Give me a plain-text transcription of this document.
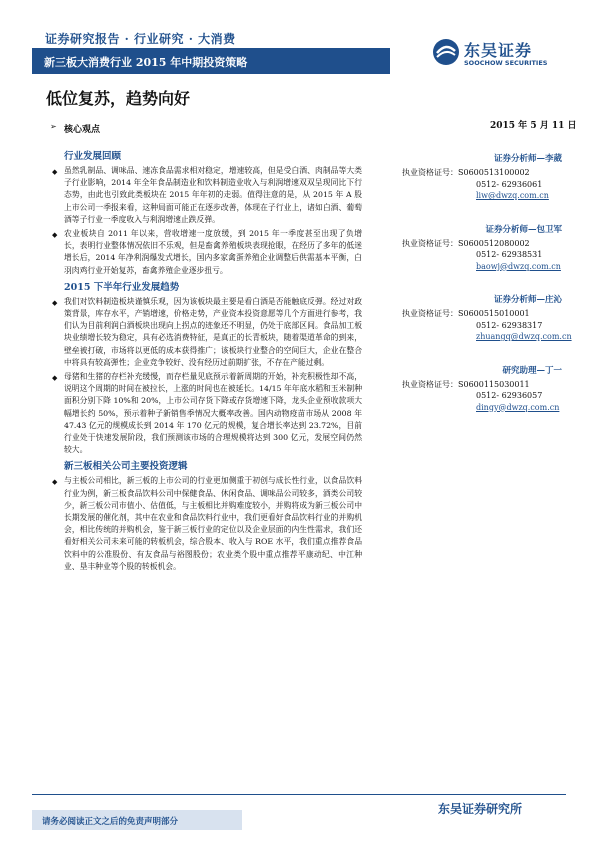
证券研究报告 · 行业研究 · 大消费
新三板大消费行业 2015 年中期投资策略
东吴证券
SOOCHOW SECURITIES
低位复苏，趋势向好
➢ 核心观点	2015 年 5 月 11 日
行业发展回顾
◆ 虽然乳制品、调味品、速冻食品需求相对稳定，增速较高，但是受白酒、肉制品等大类子行业影响，2014 年全年食品制造业和饮料制造业收入与利润增速双双呈现同比下行态势，由此也引致此类板块在 2015 年年初的走弱。值得注意的是，从 2015 年 A 股上市公司一季报来看，这种局面可能正在逐步改善，体现在子行业上，诸如白酒、葡萄酒等子行业一季度收入与利润增速止跌反弹。
◆ 农业板块自 2011 年以来，营收增速一度放缓，到 2015 年一季度甚至出现了负增长，表明行业整体情况依旧不乐观，但是畜禽养殖板块表现抢眼，在经历了多年的低迷增长后，2014 年净利润爆发式增长，国内多家禽蛋养殖企业调整后供需基本平衡，白羽肉鸡行业开始复苏，畜禽养殖企业逐步扭亏。
2015 下半年行业发展趋势
◆ 我们对饮料制造板块谨慎乐观，因为该板块最主要是看白酒是否能触底反弹。经过对政策背景，库存水平，产销增速，价格走势，产业资本投资意愿等几个方面进行参考，我们认为目前利润白酒板块出现向上拐点的迹象还不明显，仍处于底部区间。食品加工板块业绩增长较为稳定，具有必选消费特征，是真正的长青板块，随着渠道革命的到来，壁垒被打破，市场将以更低的成本获得推广；该板块行业整合的空间巨大，企业在整合中将具有较高弹性；企业竞争较好、没有经历过前期扩张，不存在产能过剩。
◆ 母猪和生猪的存栏补充缓慢，而存栏量见底预示着新周期的开始，补充积极性却不高，说明这个周期的时间在被拉长，上涨的时间也在被延长。14/15 年年底水稻和玉米制种面积分别下降 10%和 20%，上市公司存货下降或存货增速下降，龙头企业预收款项大幅增长约 50%，预示着种子新销售季情况大概率改善。国内动物疫苗市场从 2008 年 47.43 亿元的规模成长到 2014 年 170 亿元的规模，复合增长率达到 23.72%，目前行业处于快速发展阶段，我们预测该市场的合理规模将达到 300 亿元，发展空间仍然较大。
新三板相关公司主要投资逻辑
◆ 与主板公司相比，新三板的上市公司的行业更加侧重于初创与成长性行业，以食品饮料行业为例，新三板食品饮料公司中保健食品、休闲食品、调味品公司较多，酒类公司较少，新三板公司市值小、估值低，与主板相比并购难度较小，并购将成为新三板公司中长期发展的催化剂，其中在农业和食品饮料行业中，我们更看好食品饮料行业的并购机会，相比传统的并购机会，鉴于新三板行业的定位以及企业层面的内生性需求，我们还看好相关公司未来可能的转板机会，综合股本、收入与 ROE 水平，我们重点推荐食品饮料中的公准股份、有友食品与裕图股份；农业类个股中重点推荐平康动纪、中江种业、垦丰种业等个股的转板机会。
证券分析师—李葳
执业资格证号：S0600513100002
0512- 62936061
liw@dwzq.com.cn
证券分析师—包卫军
执业资格证号：S0600512080002
0512- 62938531
baowj@dwzq.com.cn
证券分析师—庄沁
执业资格证号：S0600515010001
0512- 62938317
zhuangq@dwzq.com.cn
研究助理—丁一
执业资格证号：S0600115030011
0512- 62936057
dingy@dwzq.com.cn
东吴证券研究所
请务必阅读正文之后的免责声明部分
